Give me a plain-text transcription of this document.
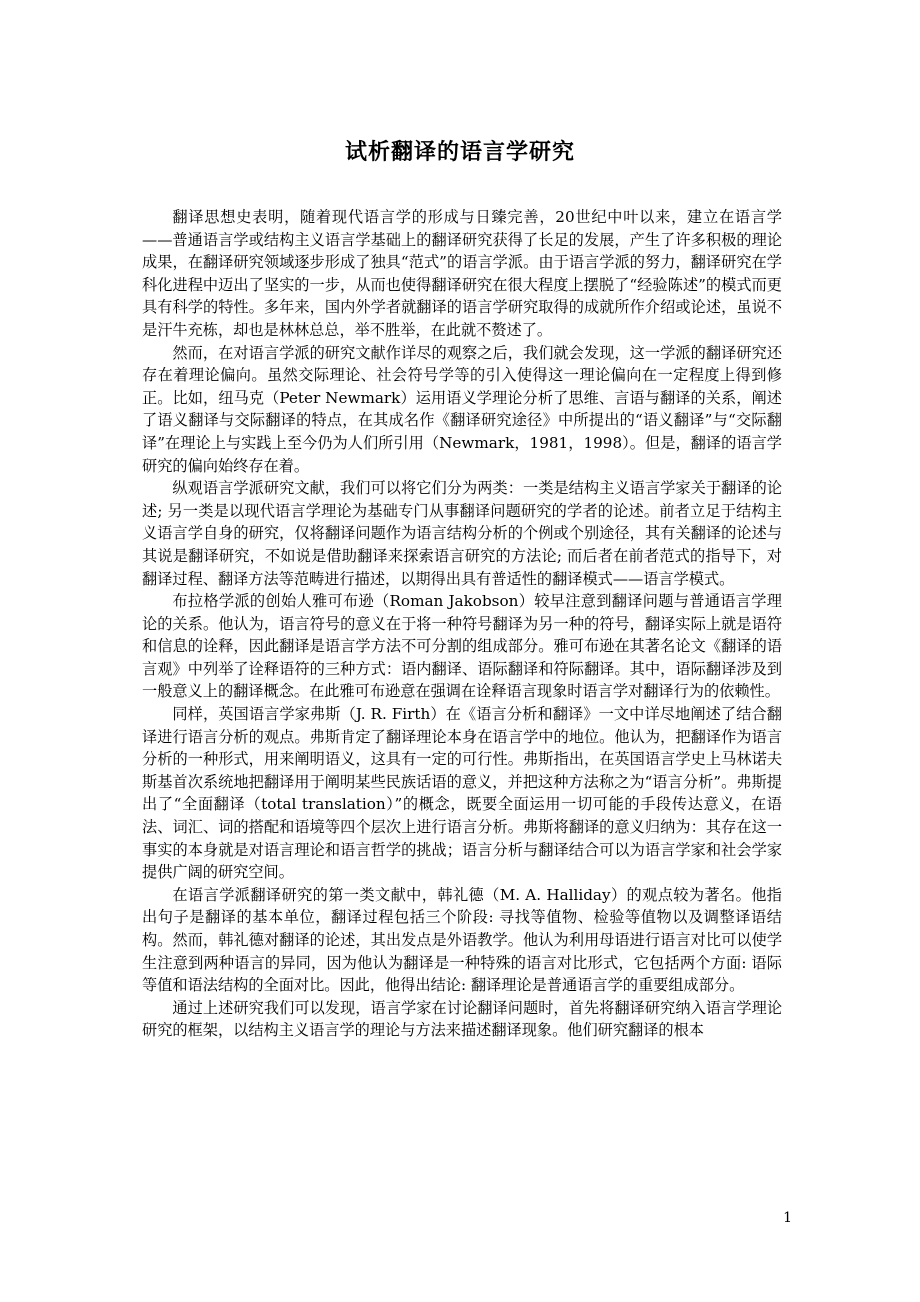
试析翻译的语言学研究

翻译思想史表明，随着现代语言学的形成与日臻完善，20世纪中叶以来，建立在语言学——普通语言学或结构主义语言学基础上的翻译研究获得了长足的发展，产生了许多积极的理论成果，在翻译研究领域逐步形成了独具“范式”的语言学派。由于语言学派的努力，翻译研究在学科化进程中迈出了坚实的一步，从而也使得翻译研究在很大程度上摆脱了“经验陈述”的模式而更具有科学的特性。多年来，国内外学者就翻译的语言学研究取得的成就所作介绍或论述，虽说不是汗牛充栋，却也是林林总总，举不胜举，在此就不赘述了。

然而，在对语言学派的研究文献作详尽的观察之后，我们就会发现，这一学派的翻译研究还存在着理论偏向。虽然交际理论、社会符号学等的引入使得这一理论偏向在一定程度上得到修正。比如，纽马克（Peter Newmark）运用语义学理论分析了思维、言语与翻译的关系，阐述了语义翻译与交际翻译的特点，在其成名作《翻译研究途径》中所提出的“语义翻译”与“交际翻译”在理论上与实践上至今仍为人们所引用（Newmark，1981，1998）。但是，翻译的语言学研究的偏向始终存在着。

纵观语言学派研究文献，我们可以将它们分为两类：一类是结构主义语言学家关于翻译的论述; 另一类是以现代语言学理论为基础专门从事翻译问题研究的学者的论述。前者立足于结构主义语言学自身的研究，仅将翻译问题作为语言结构分析的个例或个别途径，其有关翻译的论述与其说是翻译研究，不如说是借助翻译来探索语言研究的方法论; 而后者在前者范式的指导下，对翻译过程、翻译方法等范畴进行描述，以期得出具有普适性的翻译模式——语言学模式。

布拉格学派的创始人雅可布逊（Roman Jakobson）较早注意到翻译问题与普通语言学理论的关系。他认为，语言符号的意义在于将一种符号翻译为另一种的符号，翻译实际上就是语符和信息的诠释，因此翻译是语言学方法不可分割的组成部分。雅可布逊在其著名论文《翻译的语言观》中列举了诠释语符的三种方式：语内翻译、语际翻译和符际翻译。其中，语际翻译涉及到一般意义上的翻译概念。在此雅可布逊意在强调在诠释语言现象时语言学对翻译行为的依赖性。

同样，英国语言学家弗斯（J. R. Firth）在《语言分析和翻译》一文中详尽地阐述了结合翻译进行语言分析的观点。弗斯肯定了翻译理论本身在语言学中的地位。他认为，把翻译作为语言分析的一种形式，用来阐明语义，这具有一定的可行性。弗斯指出，在英国语言学史上马林诺夫斯基首次系统地把翻译用于阐明某些民族话语的意义，并把这种方法称之为“语言分析”。弗斯提出了“全面翻译（total translation）”的概念，既要全面运用一切可能的手段传达意义，在语法、词汇、词的搭配和语境等四个层次上进行语言分析。弗斯将翻译的意义归纳为：其存在这一事实的本身就是对语言理论和语言哲学的挑战；语言分析与翻译结合可以为语言学家和社会学家提供广阔的研究空间。

在语言学派翻译研究的第一类文献中，韩礼德（M. A. Halliday）的观点较为著名。他指出句子是翻译的基本单位，翻译过程包括三个阶段: 寻找等值物、检验等值物以及调整译语结构。然而，韩礼德对翻译的论述，其出发点是外语教学。他认为利用母语进行语言对比可以使学生注意到两种语言的异同，因为他认为翻译是一种特殊的语言对比形式，它包括两个方面: 语际等值和语法结构的全面对比。因此，他得出结论: 翻译理论是普通语言学的重要组成部分。

通过上述研究我们可以发现，语言学家在讨论翻译问题时，首先将翻译研究纳入语言学理论研究的框架，以结构主义语言学的理论与方法来描述翻译现象。他们研究翻译的根本

1
